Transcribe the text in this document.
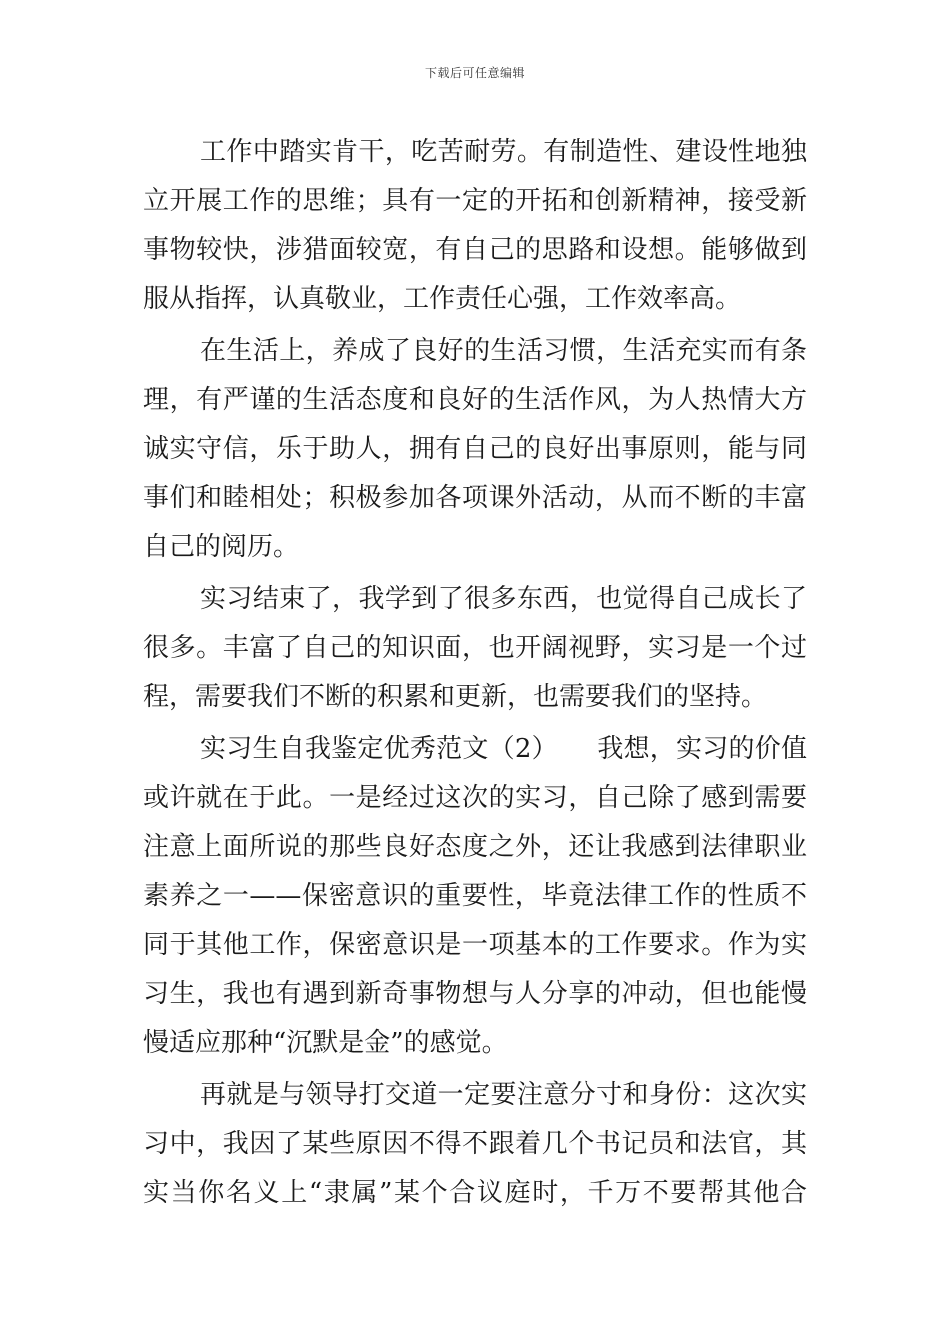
下载后可任意编辑
工作中踏实肯干，吃苦耐劳。有制造性、建设性地独
立开展工作的思维；具有一定的开拓和创新精神，接受新
事物较快，涉猎面较宽，有自己的思路和设想。能够做到
服从指挥，认真敬业，工作责任心强，工作效率高。
在生活上，养成了良好的生活习惯，生活充实而有条
理，有严谨的生活态度和良好的生活作风，为人热情大方
诚实守信，乐于助人，拥有自己的良好出事原则，能与同
事们和睦相处；积极参加各项课外活动，从而不断的丰富
自己的阅历。
实习结束了，我学到了很多东西，也觉得自己成长了
很多。丰富了自己的知识面，也开阔视野，实习是一个过
程，需要我们不断的积累和更新，也需要我们的坚持。
实习生自我鉴定优秀范文（2）　　我想，实习的价值
或许就在于此。一是经过这次的实习，自己除了感到需要
注意上面所说的那些良好态度之外，还让我感到法律职业
素养之一——保密意识的重要性，毕竟法律工作的性质不
同于其他工作，保密意识是一项基本的工作要求。作为实
习生，我也有遇到新奇事物想与人分享的冲动，但也能慢
慢适应那种“沉默是金”的感觉。
再就是与领导打交道一定要注意分寸和身份：这次实
习中，我因了某些原因不得不跟着几个书记员和法官，其
实当你名义上“隶属”某个合议庭时，千万不要帮其他合
